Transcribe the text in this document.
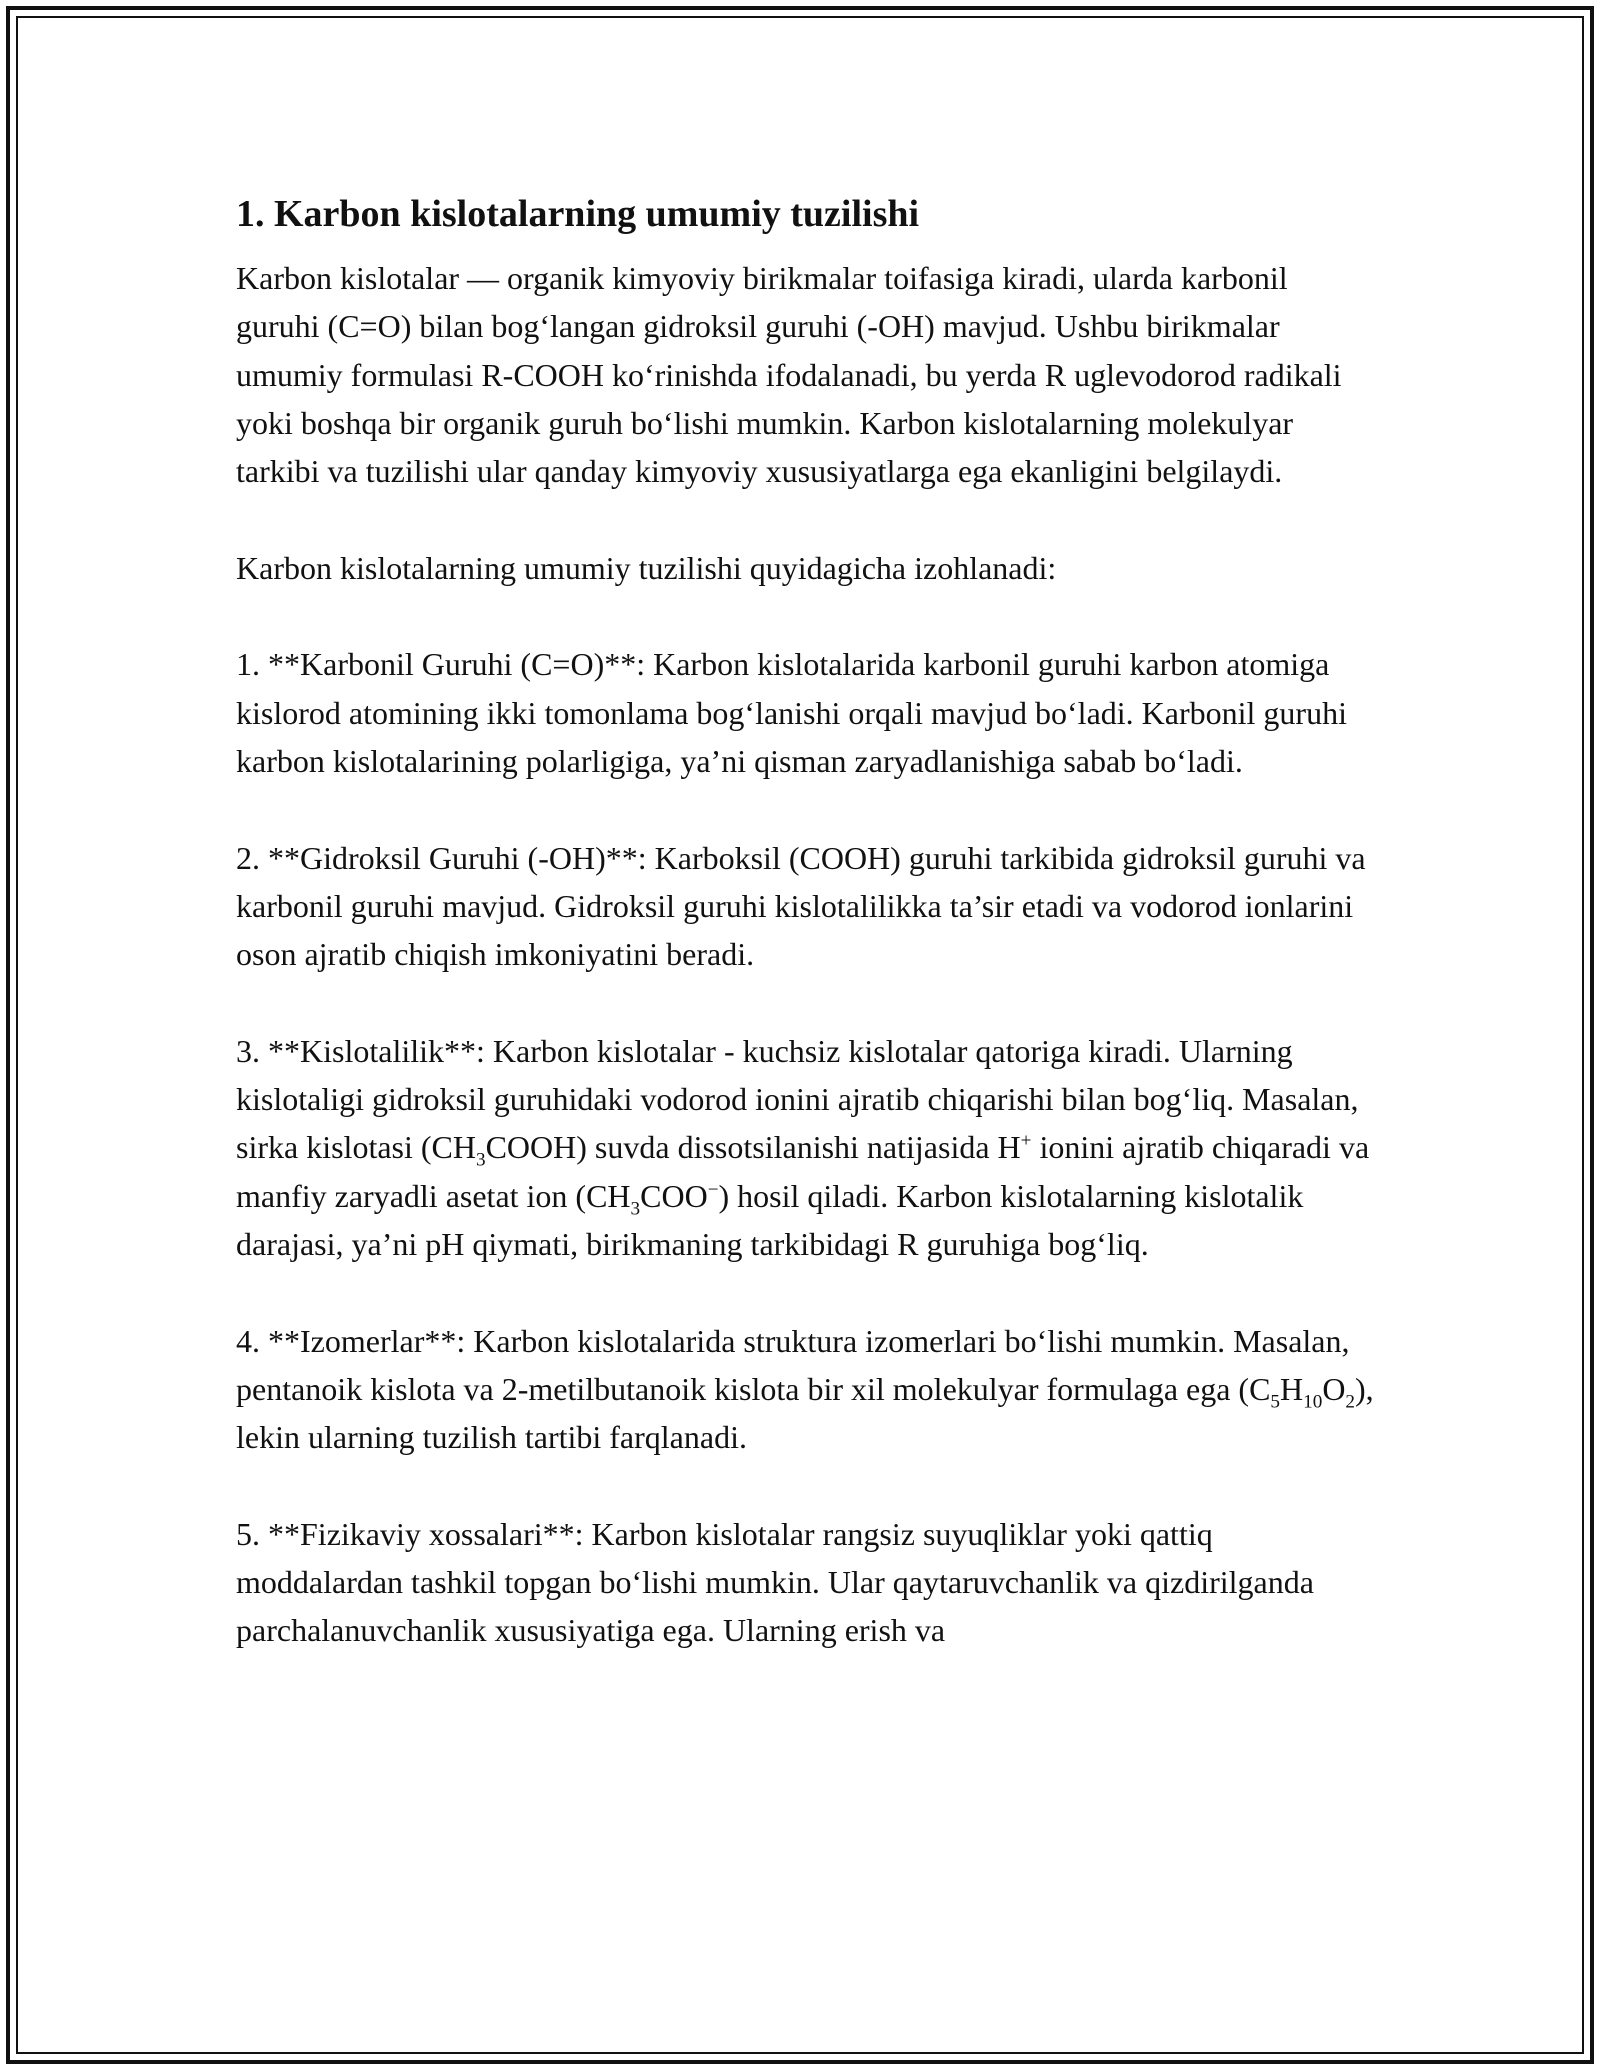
1. Karbon kislotalarning umumiy tuzilishi

Karbon kislotalar — organik kimyoviy birikmalar toifasiga kiradi, ularda karbonil guruhi (C=O) bilan bog‘langan gidroksil guruhi (-OH) mavjud. Ushbu birikmalar umumiy formulasi R-COOH ko‘rinishda ifodalanadi, bu yerda R uglevodorod radikali yoki boshqa bir organik guruh bo‘lishi mumkin. Karbon kislotalarning molekulyar tarkibi va tuzilishi ular qanday kimyoviy xususiyatlarga ega ekanligini belgilaydi.

Karbon kislotalarning umumiy tuzilishi quyidagicha izohlanadi:

1. **Karbonil Guruhi (C=O)**: Karbon kislotalarida karbonil guruhi karbon atomiga kislorod atomining ikki tomonlama bog‘lanishi orqali mavjud bo‘ladi. Karbonil guruhi karbon kislotalarining polarligiga, ya’ni qisman zaryadlanishiga sabab bo‘ladi.

2. **Gidroksil Guruhi (-OH)**: Karboksil (COOH) guruhi tarkibida gidroksil guruhi va karbonil guruhi mavjud. Gidroksil guruhi kislotalilikka ta’sir etadi va vodorod ionlarini oson ajratib chiqish imkoniyatini beradi.

3. **Kislotalilik**: Karbon kislotalar - kuchsiz kislotalar qatoriga kiradi. Ularning kislotaligi gidroksil guruhidaki vodorod ionini ajratib chiqarishi bilan bog‘liq. Masalan, sirka kislotasi $(CH_3COOH)$ suvda dissotsilanishi natijasida H+ ionini ajratib chiqaradi va manfiy zaryadli asetat ion $(CH_3COO^-)$ hosil qiladi. Karbon kislotalarning kislotalik darajasi, ya’ni pH qiymati, birikmaning tarkibidagi R guruhiga bog‘liq.

4. **Izomerlar**: Karbon kislotalarida struktura izomerlari bo‘lishi mumkin. Masalan, pentanoik kislota va 2-metilbutanoik kislota bir xil molekulyar formulaga ega $(C_5H_{10}O_2)$, lekin ularning tuzilish tartibi farqlanadi.

5. **Fizikaviy xossalari**: Karbon kislotalar rangsiz suyuqliklar yoki qattiq moddalardan tashkil topgan bo‘lishi mumkin. Ular qaytaruvchanlik va qizdirilganda parchalanuvchanlik xususiyatiga ega. Ularning erish va
